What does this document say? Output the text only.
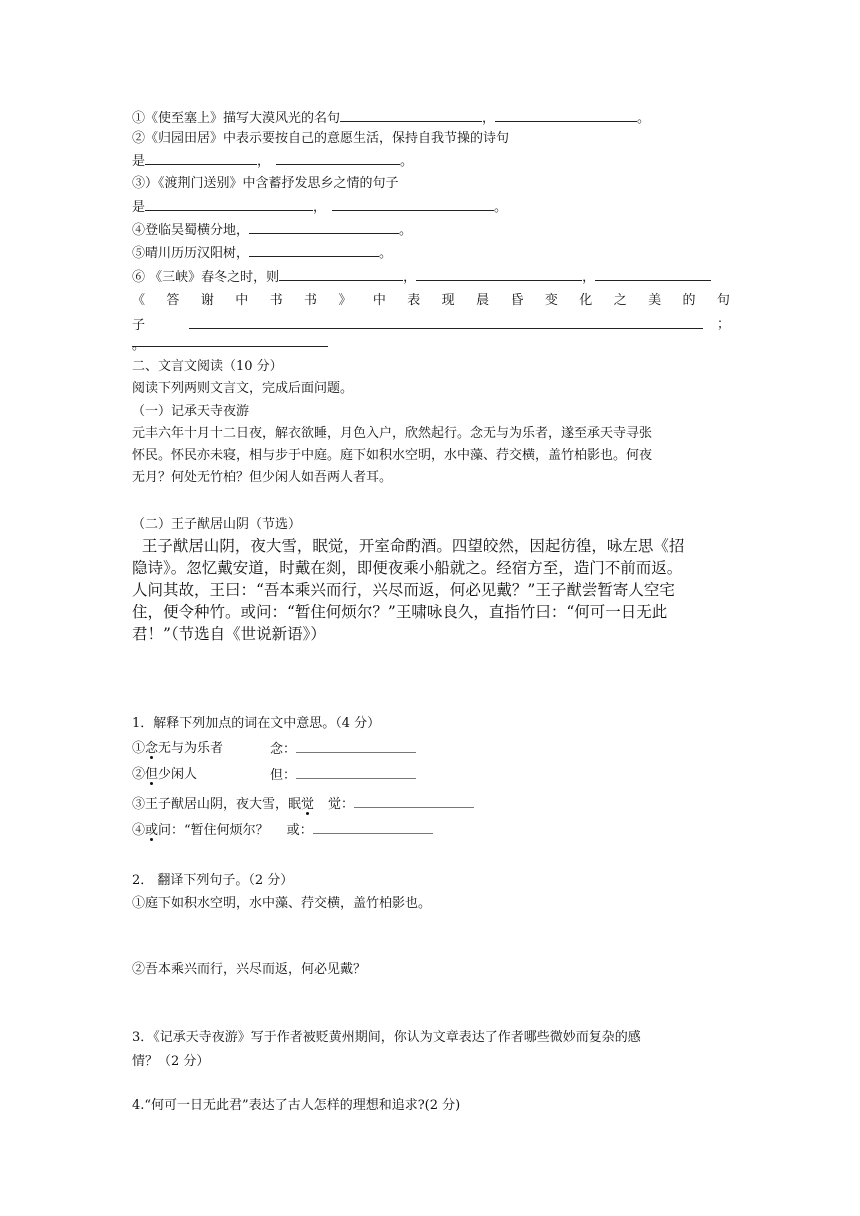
①《使至塞上》描写大漠风光的名句	，	。
②《归园田居》中表示要按自己的意愿生活，保持自我节操的诗句
是	，	。
③）《渡荆门送别》中含蓄抒发思乡之情的句子
是	，	。
④登临吴蜀横分地，	。
⑤晴川历历汉阳树，	。
⑥ 《三峡》春冬之时，则	，	，
《 答 谢 中 书 书 》 中 表 现 晨 昏 变 化 之 美 的 句
子	；
。
二、文言文阅读（10 分）
阅读下列两则文言文，完成后面问题。
（一）记承天寺夜游
元丰六年十月十二日夜，解衣欲睡，月色入户，欣然起行。念无与为乐者，遂至承天寺寻张
怀民。怀民亦未寝，相与步于中庭。庭下如积水空明，水中藻、荇交横，盖竹柏影也。何夜
无月？何处无竹柏？但少闲人如吾两人者耳。
（二）王子猷居山阴（节选）
王子猷居山阴，夜大雪，眠觉，开室命酌酒。四望皎然，因起彷徨，咏左思《招
隐诗》。忽忆戴安道，时戴在剡，即便夜乘小船就之。经宿方至，造门不前而返。
人问其故，王曰：“吾本乘兴而行，兴尽而返，何必见戴？”王子猷尝暂寄人空宅
住，便令种竹。或问：“暂住何烦尔？”王啸咏良久，直指竹曰：“何可一日无此
君！”（节选自《世说新语》）
1．解释下列加点的词在文中意思。（4 分）
①念无与为乐者	念：
②但少闲人	但：
③王子猷居山阴，夜大雪，眠觉 觉：
④或问：“暂住何烦尔？ 或：
2． 翻译下列句子。（2 分）
①庭下如积水空明，水中藻、荇交横，盖竹柏影也。
②吾本乘兴而行，兴尽而返，何必见戴？
3．《记承天寺夜游》写于作者被贬黄州期间，你认为文章表达了作者哪些微妙而复杂的感
情？（2 分）
4.“何可一日无此君”表达了古人怎样的理想和追求?(2 分)
